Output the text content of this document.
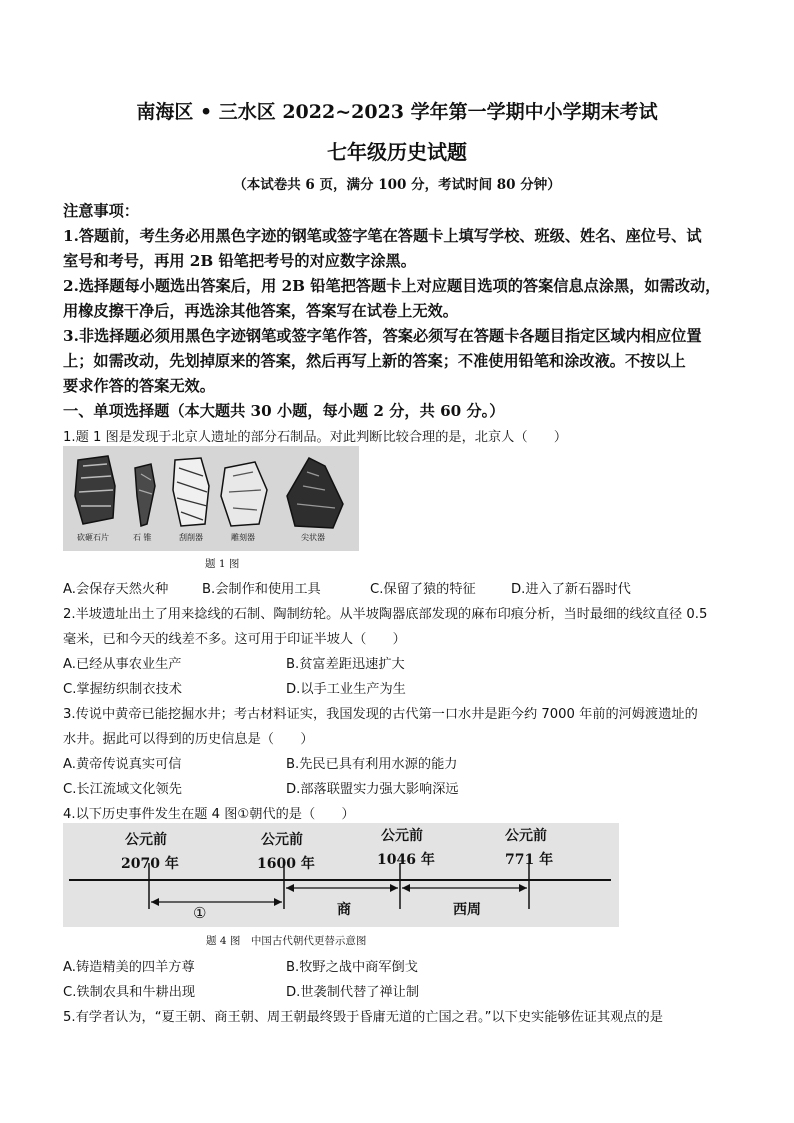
南海区 • 三水区 2022~2023 学年第一学期中小学期末考试
七年级历史试题
（本试卷共 6 页，满分 100 分，考试时间 80 分钟）
注意事项：
1.答题前，考生务必用黑色字迹的钢笔或签字笔在答题卡上填写学校、班级、姓名、座位号、试
室号和考号，再用 2B 铅笔把考号的对应数字涂黑。
2.选择题每小题选出答案后，用 2B 铅笔把答题卡上对应题目选项的答案信息点涂黑，如需改动，
用橡皮擦干净后，再选涂其他答案，答案写在试卷上无效。
3.非选择题必须用黑色字迹钢笔或签字笔作答，答案必须写在答题卡各题目指定区域内相应位置
上；如需改动，先划掉原来的答案，然后再写上新的答案；不准使用铅笔和涂改液。不按以上
要求作答的答案无效。
一、单项选择题（本大题共 30 小题，每小题 2 分，共 60 分。）
1.题 1 图是发现于北京人遗址的部分石制品。对此判断比较合理的是，北京人（　　）
砍砸石片	石 锥	刮削器	雕刻器	尖状器
题 1 图
A.会保存天然火种	B.会制作和使用工具	C.保留了猿的特征	D.进入了新石器时代
2.半坡遗址出土了用来捻线的石制、陶制纺轮。从半坡陶器底部发现的麻布印痕分析，当时最细的线纹直径 0.5
毫米，已和今天的线差不多。这可用于印证半坡人（　　）
A.已经从事农业生产	B.贫富差距迅速扩大
C.掌握纺织制衣技术	D.以手工业生产为生
3.传说中黄帝已能挖掘水井；考古材料证实，我国发现的古代第一口水井是距今约 7000 年前的河姆渡遗址的
水井。据此可以得到的历史信息是（　　）
A.黄帝传说真实可信	B.先民已具有利用水源的能力
C.长江流域文化领先	D.部落联盟实力强大影响深远
4.以下历史事件发生在题 4 图①朝代的是（　　）
公元前
2070 年
公元前
1600 年
公元前
1046 年
公元前
771 年
①	商	西周
题 4 图　中国古代朝代更替示意图
A.铸造精美的四羊方尊	B.牧野之战中商军倒戈
C.铁制农具和牛耕出现	D.世袭制代替了禅让制
5.有学者认为，“夏王朝、商王朝、周王朝最终毁于昏庸无道的亡国之君。”以下史实能够佐证其观点的是
